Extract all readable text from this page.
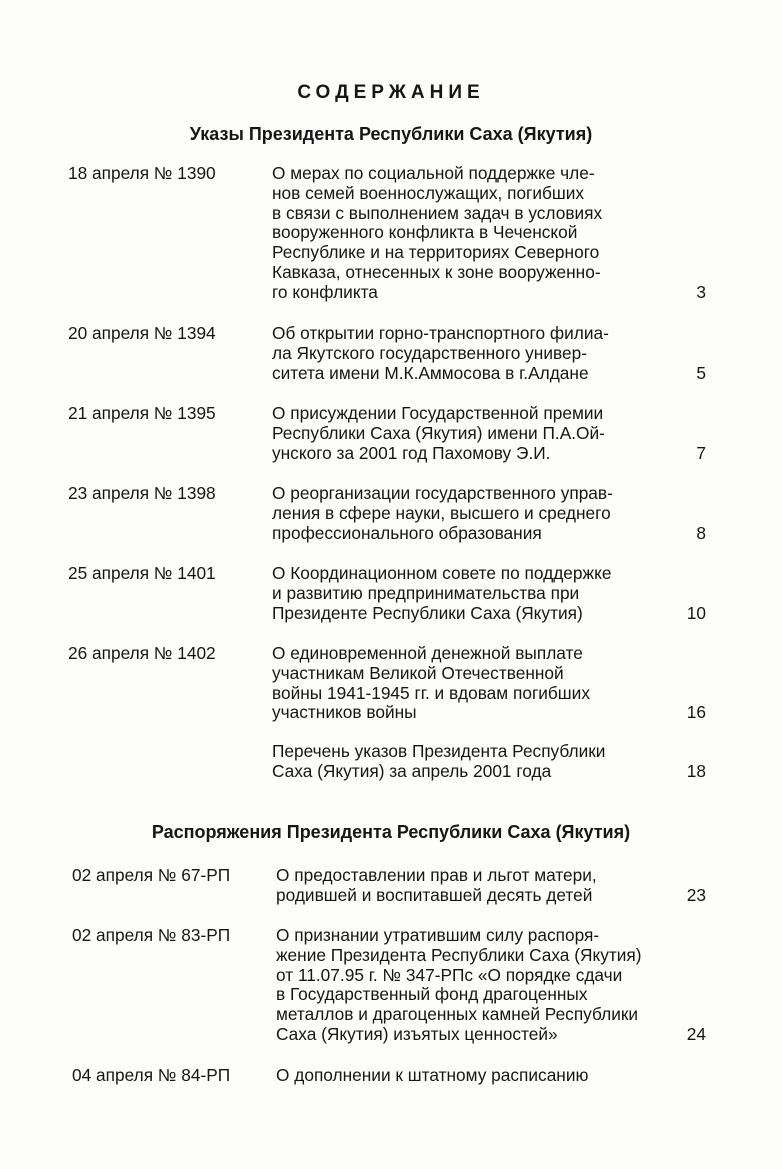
СОДЕРЖАНИЕ
Указы Президента Республики Саха (Якутия)
18 апреля № 1390	О мерах по социальной поддержке чле-
нов семей военнослужащих, погибших
в связи с выполнением задач в условиях
вооруженного конфликта в Чеченской
Республике и на территориях Северного
Кавказа, отнесенных к зоне вооруженно-
го конфликта	3
20 апреля № 1394	Об открытии горно-транспортного филиа-
ла Якутского государственного универ-
ситета имени М.К.Аммосова в г.Алдане	5
21 апреля № 1395	О присуждении Государственной премии
Республики Саха (Якутия) имени П.А.Ой-
унского за 2001 год Пахомову Э.И.	7
23 апреля № 1398	О реорганизации государственного управ-
ления в сфере науки, высшего и среднего
профессионального образования	8
25 апреля № 1401	О Координационном совете по поддержке
и развитию предпринимательства при
Президенте Республики Саха (Якутия)	10
26 апреля № 1402	О единовременной денежной выплате
участникам Великой Отечественной
войны 1941-1945 гг. и вдовам погибших
участников войны	16
Перечень указов Президента Республики
Саха (Якутия) за апрель 2001 года	18
Распоряжения Президента Республики Саха (Якутия)
02 апреля № 67-РП	О предоставлении прав и льгот матери,
родившей и воспитавшей десять детей	23
02 апреля № 83-РП	О признании утратившим силу распоря-
жение Президента Республики Саха (Якутия)
от 11.07.95 г. № 347-РПс «О порядке сдачи
в Государственный фонд драгоценных
металлов и драгоценных камней Республики
Саха (Якутия) изъятых ценностей»	24
04 апреля № 84-РП	О дополнении к штатному расписанию
